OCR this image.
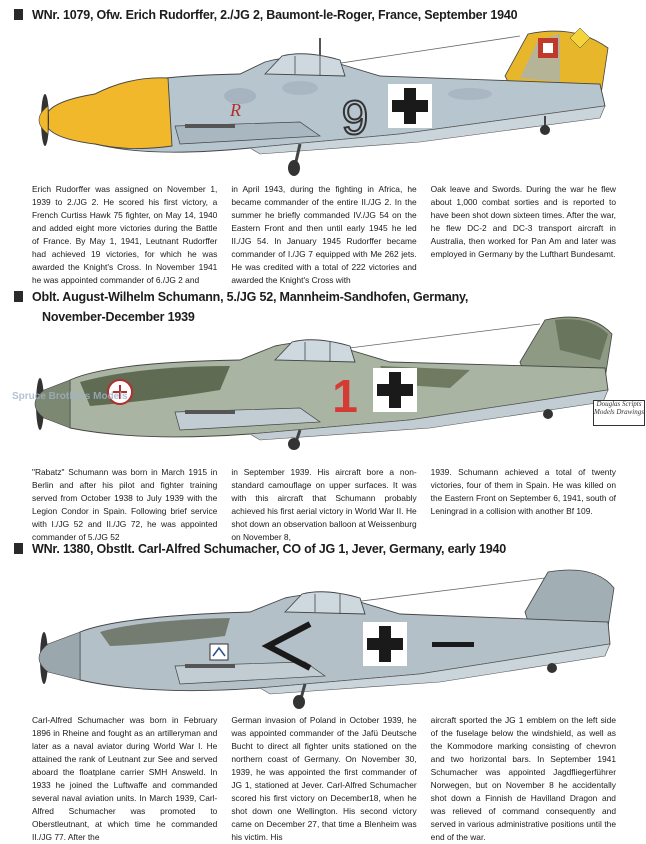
WNr. 1079, Ofw. Erich Rudorffer, 2./JG 2, Baumont-le-Roger, France, September 1940
9
R

Erich Rudorffer was assigned on November 1, 1939 to 2./JG 2. He scored his first victory, a French Curtiss Hawk 75 fighter, on May 14, 1940 and added eight more victories during the Battle of France. By May 1, 1941, Leutnant Rudorffer had achieved 19 victories, for which he was awarded the Knight's Cross. In November 1941 he was appointed commander of 6./JG 2 and

in April 1943, during the fighting in Africa, he became commander of the entire II./JG 2. In the summer he briefly commanded IV./JG 54 on the Eastern Front and then until early 1945 he led II./JG 54. In January 1945 Rudorffer became commander of I./JG 7 equipped with Me 262 jets. He was credited with a total of 222 victories and awarded the Knight's Cross with

Oak leave and Swords. During the war he flew about 1,000 combat sorties and is reported to have been shot down sixteen times. After the war, he flew DC-2 and DC-3 transport aircraft in Australia, then worked for Pan Am and later was employed in Germany by the Lufthart Bundesamt.

Oblt. August-Wilhelm Schumann, 5./JG 52, Mannheim-Sandhofen, Germany,
November-December 1939
1
Spruce Brothers Models
Douglas Scripts Models Drawings

"Rabatz" Schumann was born in March 1915 in Berlin and after his pilot and fighter training served from October 1938 to July 1939 with the Legion Condor in Spain. Following brief service with I./JG 52 and II./JG 72, he was appointed commander of 5./JG 52

in September 1939. His aircraft bore a non-standard camouflage on upper surfaces. It was with this aircraft that Schumann probably achieved his first aerial victory in World War II. He shot down an observation balloon at Weissenburg on November 8,

1939. Schumann achieved a total of twenty victories, four of them in Spain. He was killed on the Eastern Front on September 6, 1941, south of Leningrad in a collision with another Bf 109.

WNr. 1380, Obstlt. Carl-Alfred Schumacher, CO of JG 1, Jever, Germany, early 1940

Carl-Alfred Schumacher was born in February 1896 in Rheine and fought as an artilleryman and later as a naval aviator during World War I. He attained the rank of Leutnant zur See and served aboard the floatplane carrier SMH Answeld. In 1933 he joined the Luftwaffe and commanded several naval aviation units. In March 1939, Carl-Alfred Schumacher was promoted to Oberstleutnant, at which time he commanded II./JG 77. After the

German invasion of Poland in October 1939, he was appointed commander of the Jafü Deutsche Bucht to direct all fighter units stationed on the northern coast of Germany. On November 30, 1939, he was appointed the first commander of JG 1, stationed at Jever. Carl-Alfred Schumacher scored his first victory on December18, when he shot down one Wellington. His second victory came on December 27, that time a Blenheim was his victim. His

aircraft sported the JG 1 emblem on the left side of the fuselage below the windshield, as well as the Kommodore marking consisting of chevron and two horizontal bars. In September 1941 Schumacher was appointed Jagdfliegerführer Norwegen, but on November 8 he accidentally shot down a Finnish de Havilland Dragon and was relieved of command consequently and served in various administrative positions until the end of the war.
